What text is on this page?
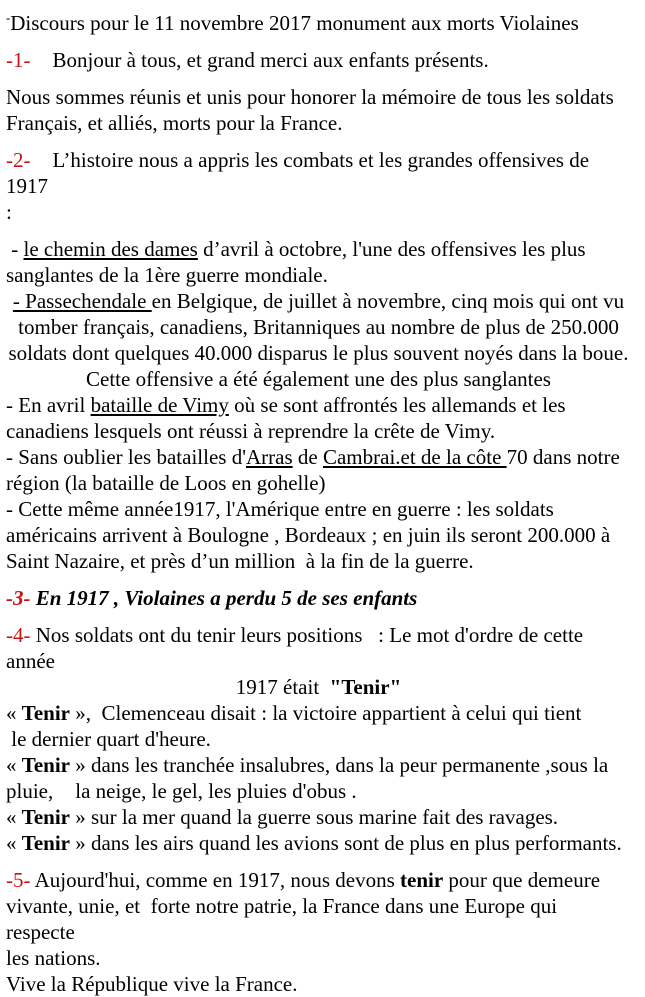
-Discours pour le 11 novembre 2017 monument aux morts Violaines
-1- Bonjour à tous, et grand merci aux enfants présents.
Nous sommes réunis et unis pour honorer la mémoire de tous les soldats
Français, et alliés, morts pour la France.
-2- L’histoire nous a appris les combats et les grandes offensives de 1917
:
- le chemin des dames d’avril à octobre, l'une des offensives les plus
sanglantes de la 1ère guerre mondiale.
- Passechendale en Belgique, de juillet à novembre, cinq mois qui ont vu
tomber français, canadiens, Britanniques au nombre de plus de 250.000
soldats dont quelques 40.000 disparus le plus souvent noyés dans la boue.
Cette offensive a été également une des plus sanglantes
- En avril bataille de Vimy où se sont affrontés les allemands et les
canadiens lesquels ont réussi à reprendre la crête de Vimy.
- Sans oublier les batailles d'Arras de Cambrai.et de la côte 70 dans notre
région (la bataille de Loos en gohelle)
- Cette même année1917, l'Amérique entre en guerre : les soldats
américains arrivent à Boulogne , Bordeaux ; en juin ils seront 200.000 à
Saint Nazaire, et près d’un million  à la fin de la guerre.
-3- En 1917 , Violaines a perdu 5 de ses enfants
-4- Nos soldats ont du tenir leurs positions   : Le mot d'ordre de cette année
1917 était  "Tenir"
« Tenir »,  Clemenceau disait : la victoire appartient à celui qui tient
le dernier quart d'heure.
« Tenir » dans les tranchée insalubres, dans la peur permanente ,sous la
pluie, la neige, le gel, les pluies d'obus .
« Tenir » sur la mer quand la guerre sous marine fait des ravages.
« Tenir » dans les airs quand les avions sont de plus en plus performants.
-5- Aujourd'hui, comme en 1917, nous devons tenir pour que demeure
vivante, unie, et  forte notre patrie, la France dans une Europe qui respecte
les nations.
Vive la République vive la France.
